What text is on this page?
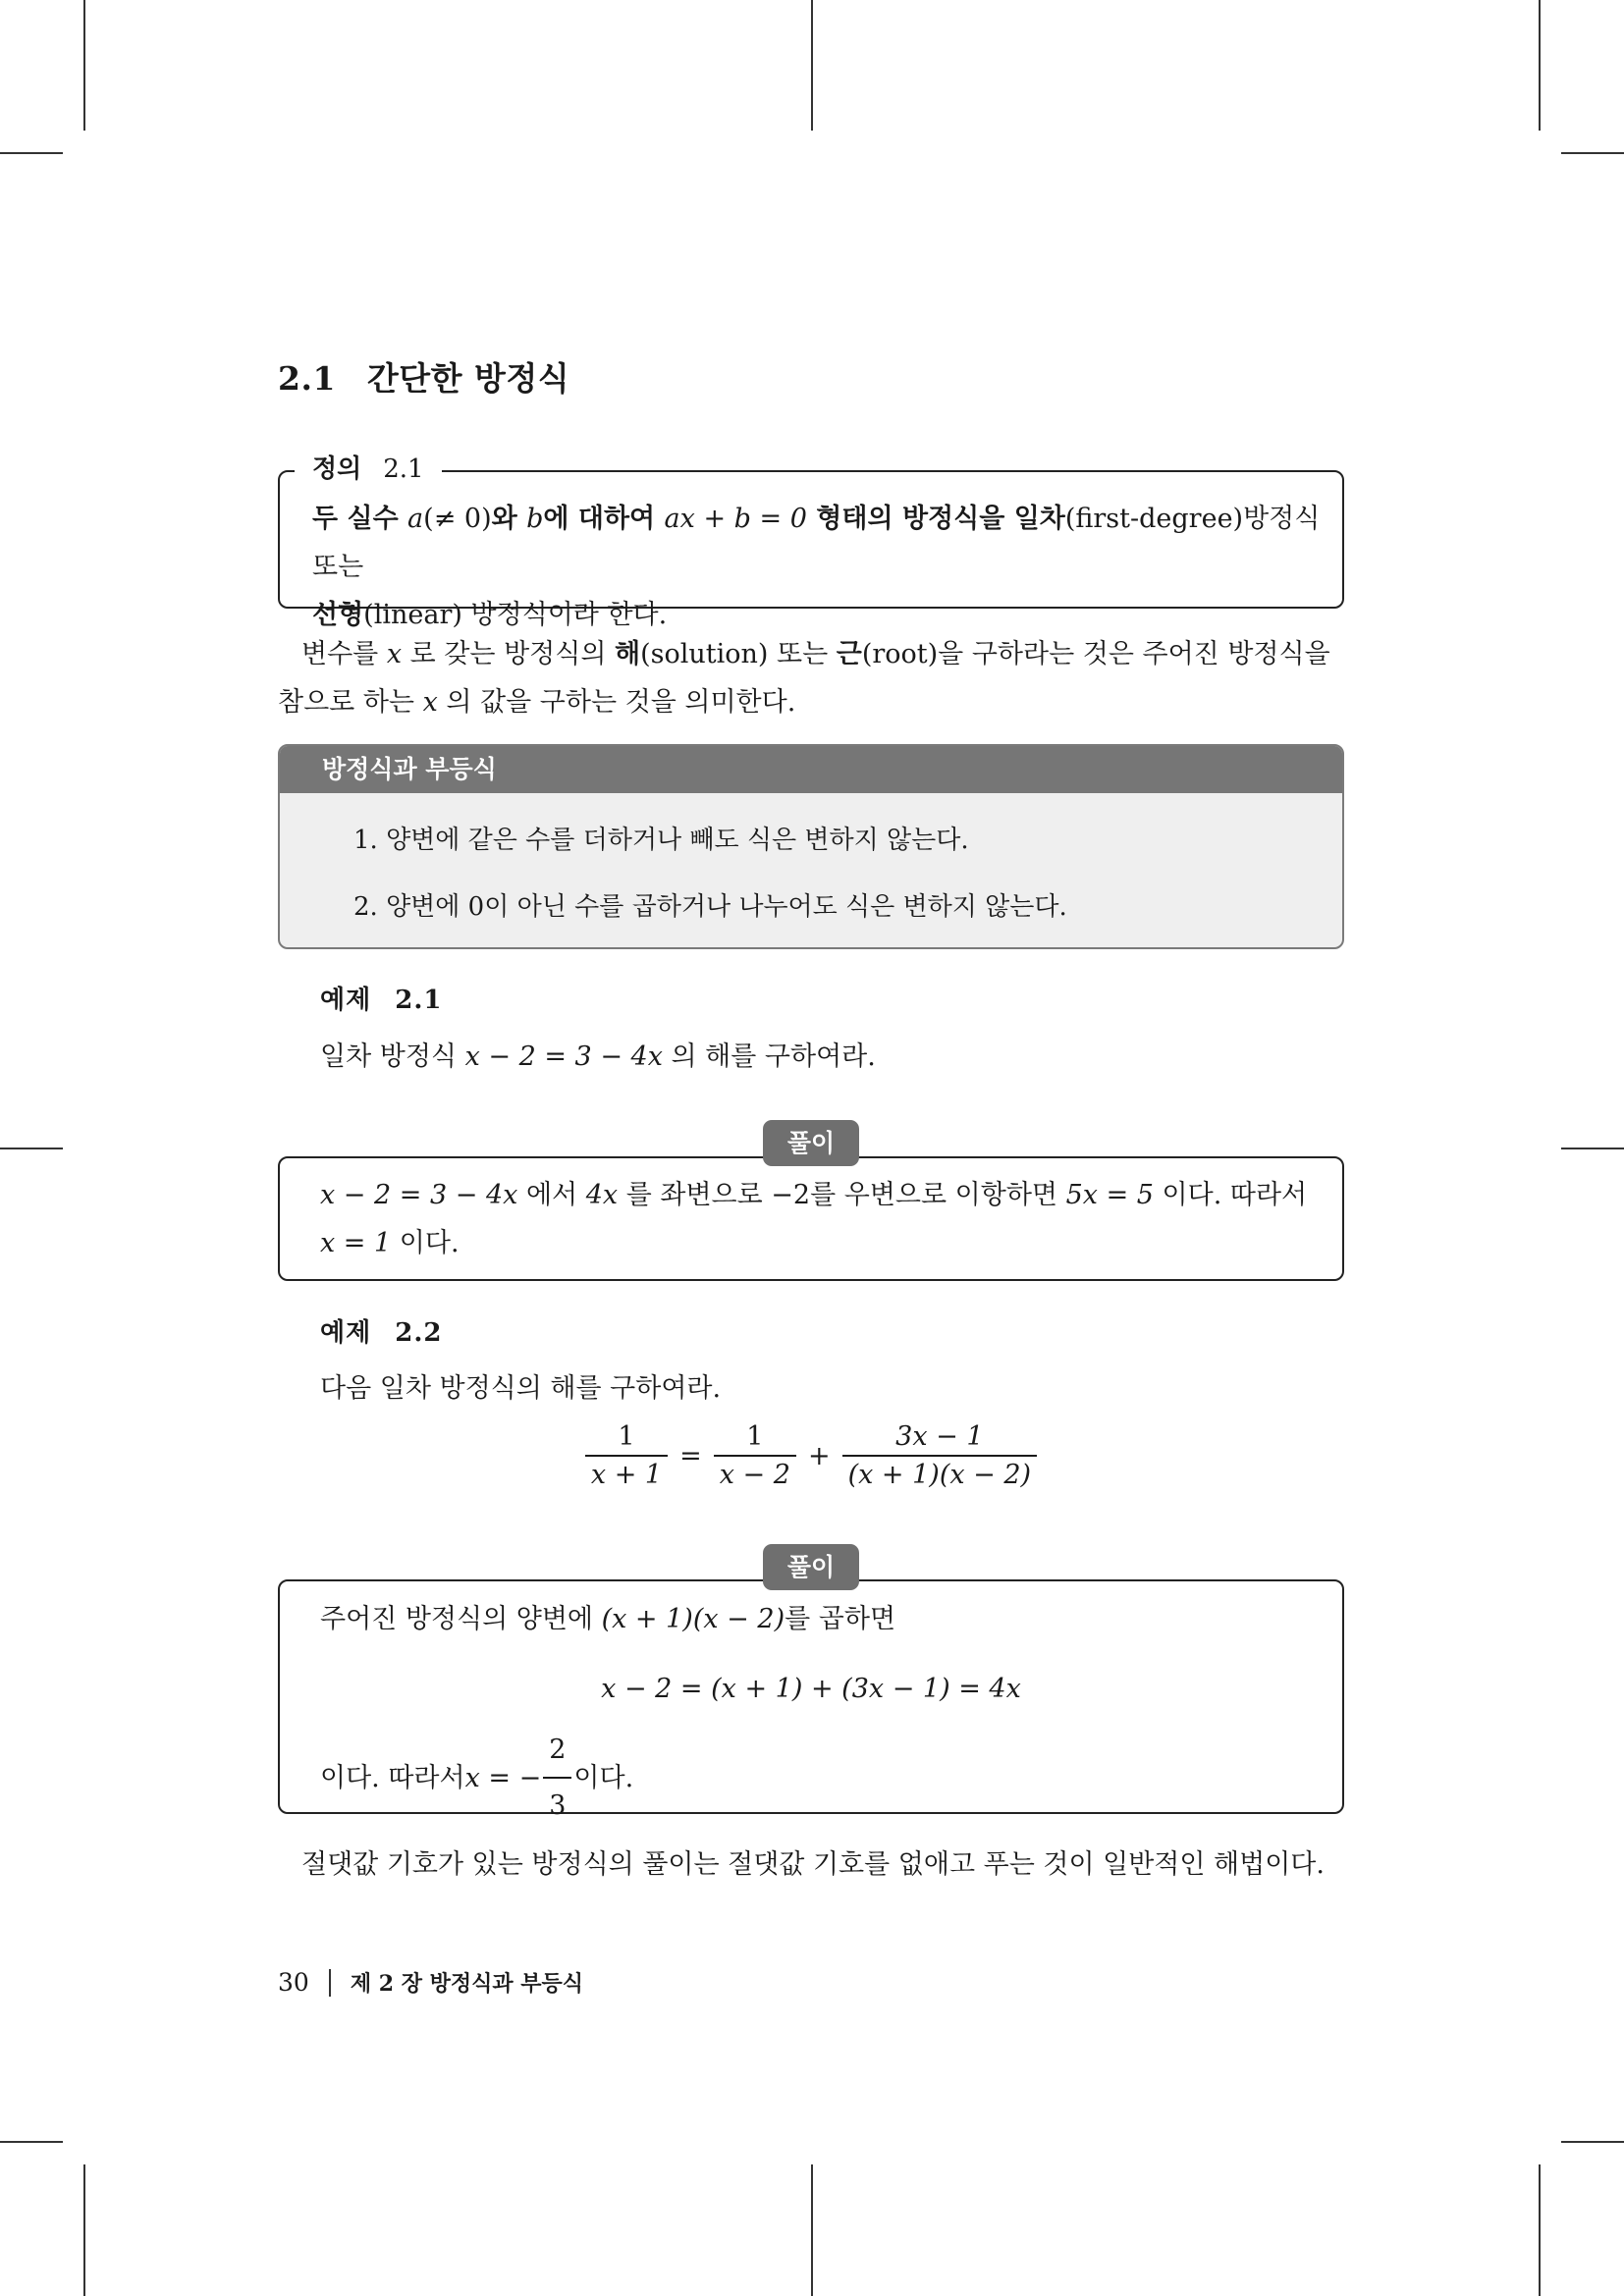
2.1 간단한 방정식
정의 2.1
두 실수 a(≠ 0)와 b에 대하여 ax + b = 0 형태의 방정식을 일차(first-degree)방정식 또는
선형(linear) 방정식이라 한다.
변수를 x 로 갖는 방정식의 해(solution) 또는 근(root)을 구하라는 것은 주어진 방정식을
참으로 하는 x 의 값을 구하는 것을 의미한다.
방정식과 부등식
1. 양변에 같은 수를 더하거나 빼도 식은 변하지 않는다.
2. 양변에 0이 아닌 수를 곱하거나 나누어도 식은 변하지 않는다.
예제 2.1
일차 방정식 x − 2 = 3 − 4x 의 해를 구하여라.
풀이
x − 2 = 3 − 4x 에서 4x 를 좌변으로 −2를 우변으로 이항하면 5x = 5 이다. 따라서
x = 1 이다.
예제 2.2
다음 일차 방정식의 해를 구하여라.
$\frac{1}{x + 1} = \frac{1}{x - 2} + \frac{3x - 1}{(x + 1)(x - 2)}$
풀이
주어진 방정식의 양변에 (x + 1)(x − 2)를 곱하면
x − 2 = (x + 1) + (3x − 1) = 4x
이다. 따라서 x = − $\frac{2}{3}$ 이다.
절댓값 기호가 있는 방정식의 풀이는 절댓값 기호를 없애고 푸는 것이 일반적인 해법이다.
30 제 2 장 방정식과 부등식
